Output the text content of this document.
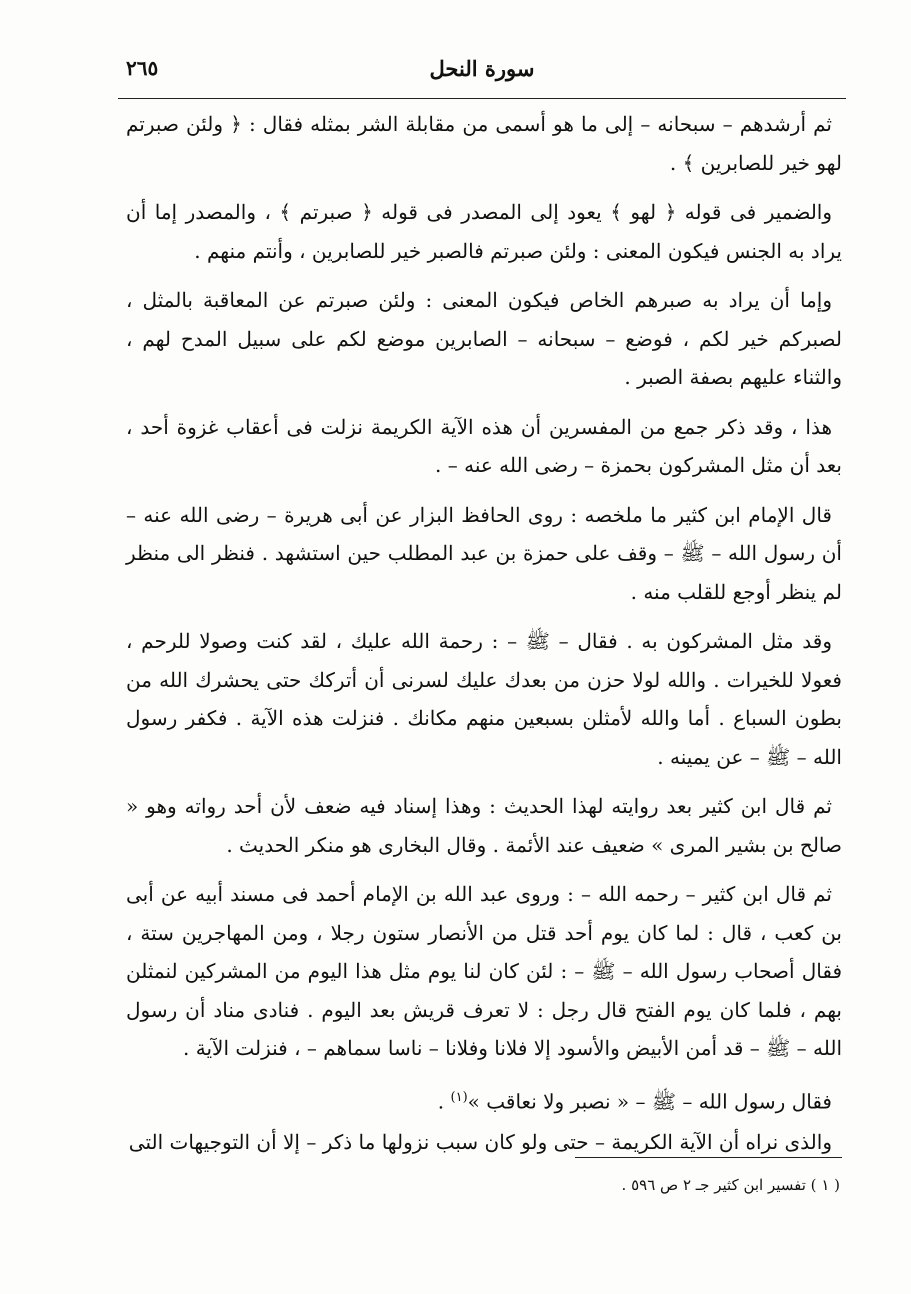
٢٦٥	سورة النحل

ثم أرشدهم – سبحانه – إلى ما هو أسمى من مقابلة الشر بمثله فقال : ﴿ ولئن صبرتم لهو خير للصابرين ﴾ .

والضمير فى قوله ﴿ لهو ﴾ يعود إلى المصدر فى قوله ﴿ صبرتم ﴾ ، والمصدر إما أن يراد به الجنس فيكون المعنى : ولئن صبرتم فالصبر خير للصابرين ، وأنتم منهم .

وإما أن يراد به صبرهم الخاص فيكون المعنى : ولئن صبرتم عن المعاقبة بالمثل ، لصبركم خير لكم ، فوضع – سبحانه – الصابرين موضع لكم على سبيل المدح لهم ، والثناء عليهم بصفة الصبر .

هذا ، وقد ذكر جمع من المفسرين أن هذه الآية الكريمة نزلت فى أعقاب غزوة أحد ، بعد أن مثل المشركون بحمزة – رضى الله عنه – .

قال الإمام ابن كثير ما ملخصه : روى الحافظ البزار عن أبى هريرة – رضى الله عنه – أن رسول الله – ﷺ – وقف على حمزة بن عبد المطلب حين استشهد . فنظر الى منظر لم ينظر أوجع للقلب منه .

وقد مثل المشركون به . فقال – ﷺ – : رحمة الله عليك ، لقد كنت وصولا للرحم ، فعولا للخيرات . والله لولا حزن من بعدك عليك لسرنى أن أتركك حتى يحشرك الله من بطون السباع . أما والله لأمثلن بسبعين منهم مكانك . فنزلت هذه الآية . فكفر رسول الله – ﷺ – عن يمينه .

ثم قال ابن كثير بعد روايته لهذا الحديث : وهذا إسناد فيه ضعف لأن أحد رواته وهو « صالح بن بشير المرى » ضعيف عند الأئمة . وقال البخارى هو منكر الحديث .

ثم قال ابن كثير – رحمه الله – : وروى عبد الله بن الإمام أحمد فى مسند أبيه عن أبى بن كعب ، قال : لما كان يوم أحد قتل من الأنصار ستون رجلا ، ومن المهاجرين ستة ، فقال أصحاب رسول الله – ﷺ – : لئن كان لنا يوم مثل هذا اليوم من المشركين لنمثلن بهم ، فلما كان يوم الفتح قال رجل : لا تعرف قريش بعد اليوم . فنادى مناد أن رسول الله – ﷺ – قد أمن الأبيض والأسود إلا فلانا وفلانا – ناسا سماهم – ، فنزلت الآية .

فقال رسول الله – ﷺ – « نصبر ولا نعاقب »$^{(١)}$ .

والذى نراه أن الآية الكريمة – حتى ولو كان سبب نزولها ما ذكر – إلا أن التوجيهات التى

( ١ ) تفسير ابن كثير جـ ٢ ص ٥٩٦ .
